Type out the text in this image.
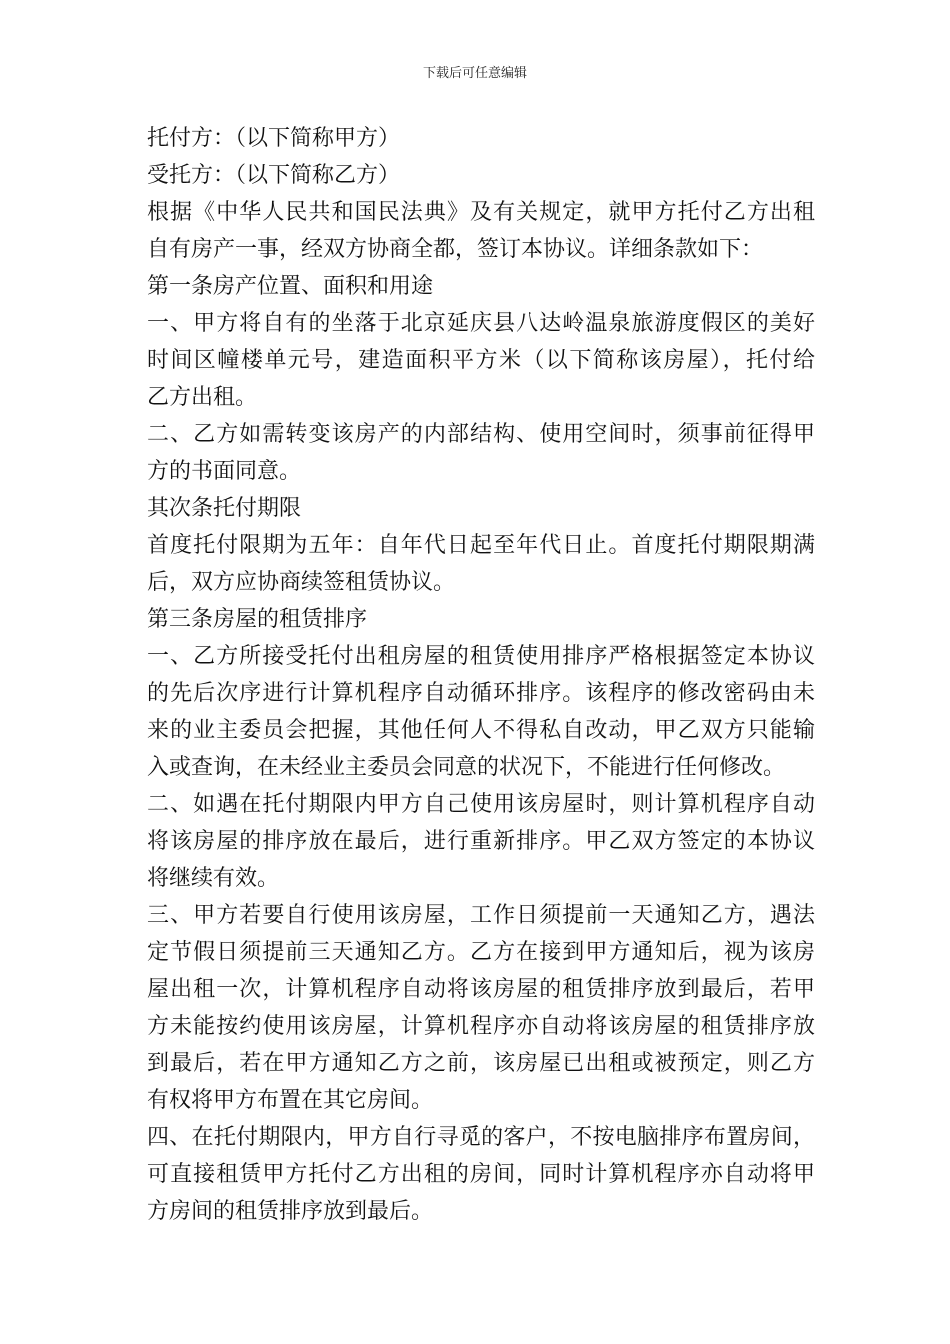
下载后可任意编辑
托付方：（以下简称甲方）
受托方：（以下简称乙方）
根据《中华人民共和国民法典》及有关规定，就甲方托付乙方出租
自有房产一事，经双方协商全都，签订本协议。详细条款如下：
第一条房产位置、面积和用途
一、甲方将自有的坐落于北京延庆县八达岭温泉旅游度假区的美好
时间区幢楼单元号，建造面积平方米（以下简称该房屋），托付给
乙方出租。
二、乙方如需转变该房产的内部结构、使用空间时，须事前征得甲
方的书面同意。
其次条托付期限
首度托付限期为五年：自年代日起至年代日止。首度托付期限期满
后，双方应协商续签租赁协议。
第三条房屋的租赁排序
一、乙方所接受托付出租房屋的租赁使用排序严格根据签定本协议
的先后次序进行计算机程序自动循环排序。该程序的修改密码由未
来的业主委员会把握，其他任何人不得私自改动，甲乙双方只能输
入或查询，在未经业主委员会同意的状况下，不能进行任何修改。
二、如遇在托付期限内甲方自己使用该房屋时，则计算机程序自动
将该房屋的排序放在最后，进行重新排序。甲乙双方签定的本协议
将继续有效。
三、甲方若要自行使用该房屋，工作日须提前一天通知乙方，遇法
定节假日须提前三天通知乙方。乙方在接到甲方通知后，视为该房
屋出租一次，计算机程序自动将该房屋的租赁排序放到最后，若甲
方未能按约使用该房屋，计算机程序亦自动将该房屋的租赁排序放
到最后，若在甲方通知乙方之前，该房屋已出租或被预定，则乙方
有权将甲方布置在其它房间。
四、在托付期限内，甲方自行寻觅的客户，不按电脑排序布置房间，
可直接租赁甲方托付乙方出租的房间，同时计算机程序亦自动将甲
方房间的租赁排序放到最后。
